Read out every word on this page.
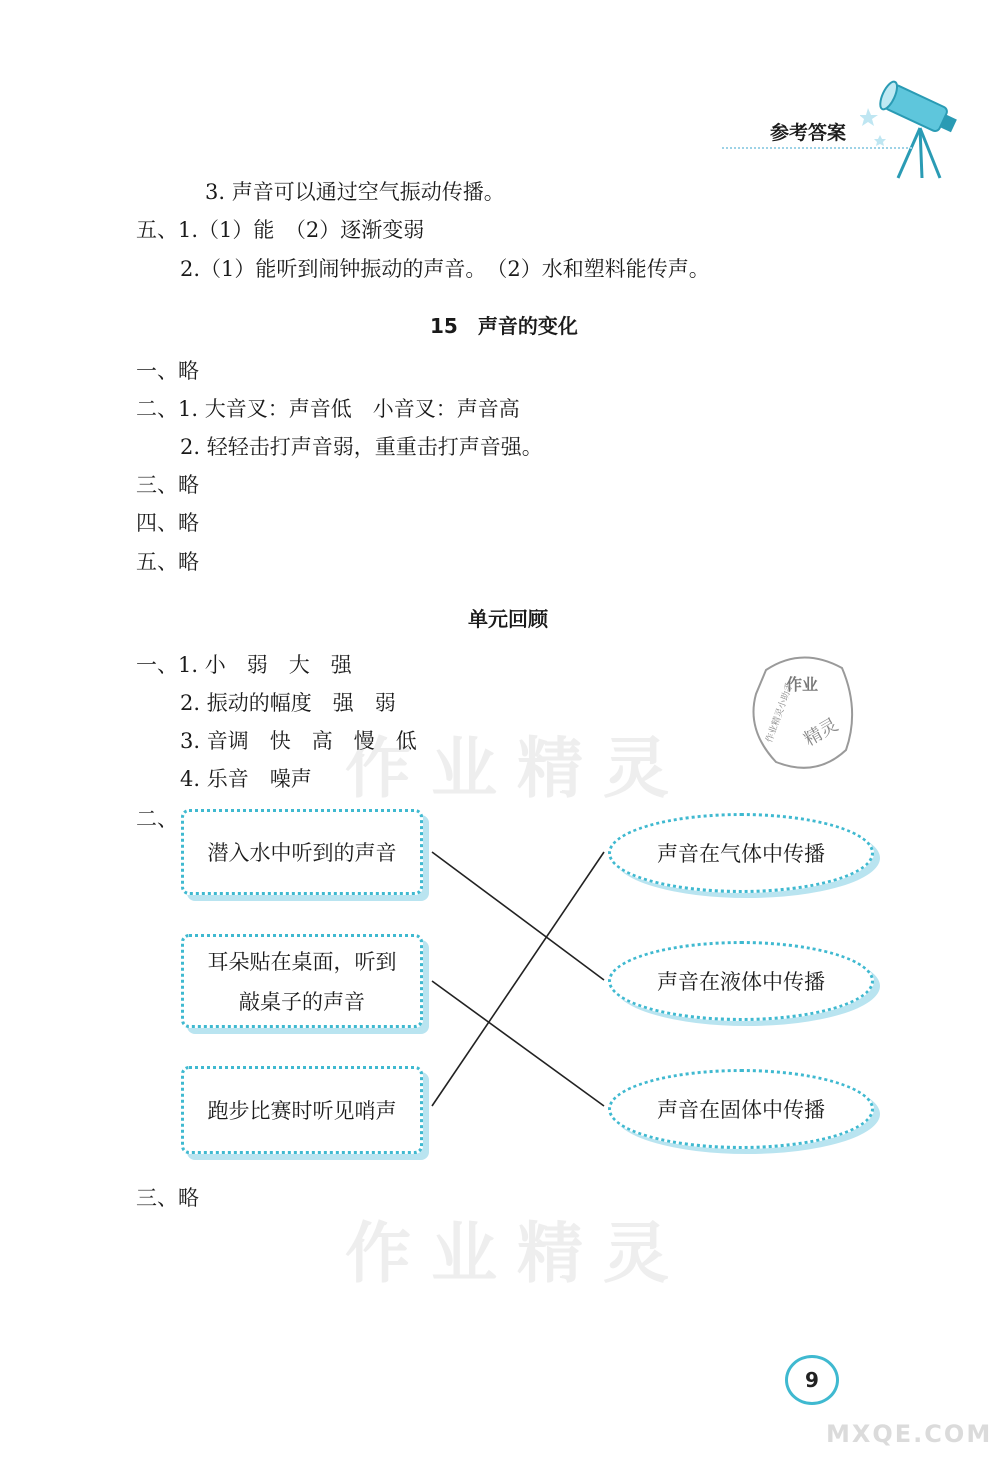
参考答案
3. 声音可以通过空气振动传播。
五、1.（1）能　（2）逐渐变弱
2.（1）能听到闹钟振动的声音。　（2）水和塑料能传声。
15　声音的变化
一、略
二、1. 大音叉：声音低　小音叉：声音高
2. 轻轻击打声音弱，重重击打声音强。
三、略
四、略
五、略
单元回顾
一、1. 小　弱　大　强
2. 振动的幅度　强　弱
3. 音调　快　高　慢　低
4. 乐音　噪声
二、
潜入水中听到的声音
耳朵贴在桌面，听到
敲桌子的声音
跑步比赛时听见哨声
声音在气体中传播
声音在液体中传播
声音在固体中传播
三、略
作业精灵
作业精灵
作业
作业精灵小助手 精灵
9
MXQE.COM
